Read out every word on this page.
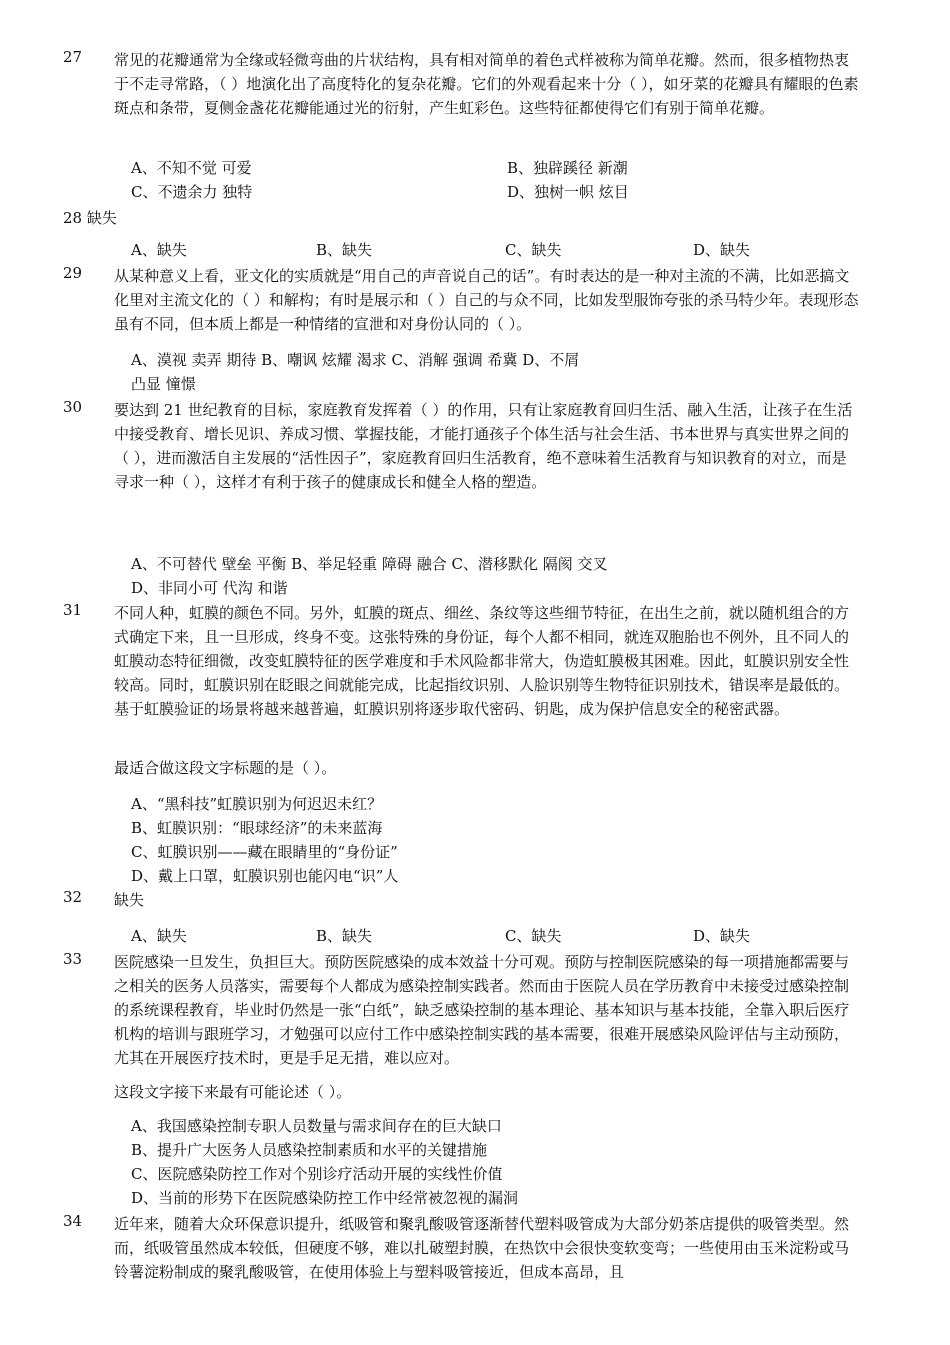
27 常见的花瓣通常为全缘或轻微弯曲的片状结构，具有相对简单的着色式样被称为简单花瓣。然而，很多植物热衷于不走寻常路，（ ）地演化出了高度特化的复杂花瓣。它们的外观看起来十分（ ），如牙菜的花瓣具有耀眼的色素斑点和条带，夏侧金盏花花瓣能通过光的衍射，产生虹彩色。这些特征都使得它们有别于简单花瓣。
A、不知不觉 可爱	B、独辟蹊径 新潮
C、不遗余力 独特	D、独树一帜 炫目
28 缺失
A、缺失	B、缺失	C、缺失	D、缺失
29 从某种意义上看，亚文化的实质就是“用自己的声音说自己的话”。有时表达的是一种对主流的不满，比如恶搞文化里对主流文化的（ ）和解构；有时是展示和（ ）自己的与众不同，比如发型服饰夸张的杀马特少年。表现形态虽有不同，但本质上都是一种情绪的宣泄和对身份认同的（ ）。
A、漠视 卖弄 期待 B、嘲讽 炫耀 渴求 C、消解 强调 希冀 D、不屑
凸显 憧憬
30 要达到 21 世纪教育的目标，家庭教育发挥着（ ）的作用，只有让家庭教育回归生活、融入生活，让孩子在生活中接受教育、增长见识、养成习惯、掌握技能，才能打通孩子个体生活与社会生活、书本世界与真实世界之间的（ ），进而激活自主发展的“活性因子”，家庭教育回归生活教育，绝不意味着生活教育与知识教育的对立，而是寻求一种（ ），这样才有利于孩子的健康成长和健全人格的塑造。
A、不可替代 壁垒 平衡 B、举足轻重 障碍 融合 C、潜移默化 隔阂 交叉
D、非同小可 代沟 和谐
31 不同人种，虹膜的颜色不同。另外，虹膜的斑点、细丝、条纹等这些细节特征，在出生之前，就以随机组合的方式确定下来，且一旦形成，终身不变。这张特殊的身份证，每个人都不相同，就连双胞胎也不例外，且不同人的虹膜动态特征细微，改变虹膜特征的医学难度和手术风险都非常大，伪造虹膜极其困难。因此，虹膜识别安全性较高。同时，虹膜识别在眨眼之间就能完成，比起指纹识别、人脸识别等生物特征识别技术，错误率是最低的。基于虹膜验证的场景将越来越普遍，虹膜识别将逐步取代密码、钥匙，成为保护信息安全的秘密武器。
最适合做这段文字标题的是（ ）。
A、“黑科技”虹膜识别为何迟迟未红？
B、虹膜识别：“眼球经济”的未来蓝海
C、虹膜识别——藏在眼睛里的“身份证”
D、戴上口罩，虹膜识别也能闪电“识”人
32 缺失
A、缺失	B、缺失	C、缺失	D、缺失
33 医院感染一旦发生，负担巨大。预防医院感染的成本效益十分可观。预防与控制医院感染的每一项措施都需要与之相关的医务人员落实，需要每个人都成为感染控制实践者。然而由于医院人员在学历教育中未接受过感染控制的系统课程教育，毕业时仍然是一张“白纸”，缺乏感染控制的基本理论、基本知识与基本技能，全靠入职后医疗机构的培训与跟班学习，才勉强可以应付工作中感染控制实践的基本需要，很难开展感染风险评估与主动预防，尤其在开展医疗技术时，更是手足无措，难以应对。
这段文字接下来最有可能论述（ ）。
A、我国感染控制专职人员数量与需求间存在的巨大缺口
B、提升广大医务人员感染控制素质和水平的关键措施
C、医院感染防控工作对个别诊疗活动开展的实线性价值
D、当前的形势下在医院感染防控工作中经常被忽视的漏洞
34 近年来，随着大众环保意识提升，纸吸管和聚乳酸吸管逐渐替代塑料吸管成为大部分奶茶店提供的吸管类型。然而，纸吸管虽然成本较低，但硬度不够，难以扎破塑封膜，在热饮中会很快变软变弯；一些使用由玉米淀粉或马铃薯淀粉制成的聚乳酸吸管，在使用体验上与塑料吸管接近，但成本高昂，且
